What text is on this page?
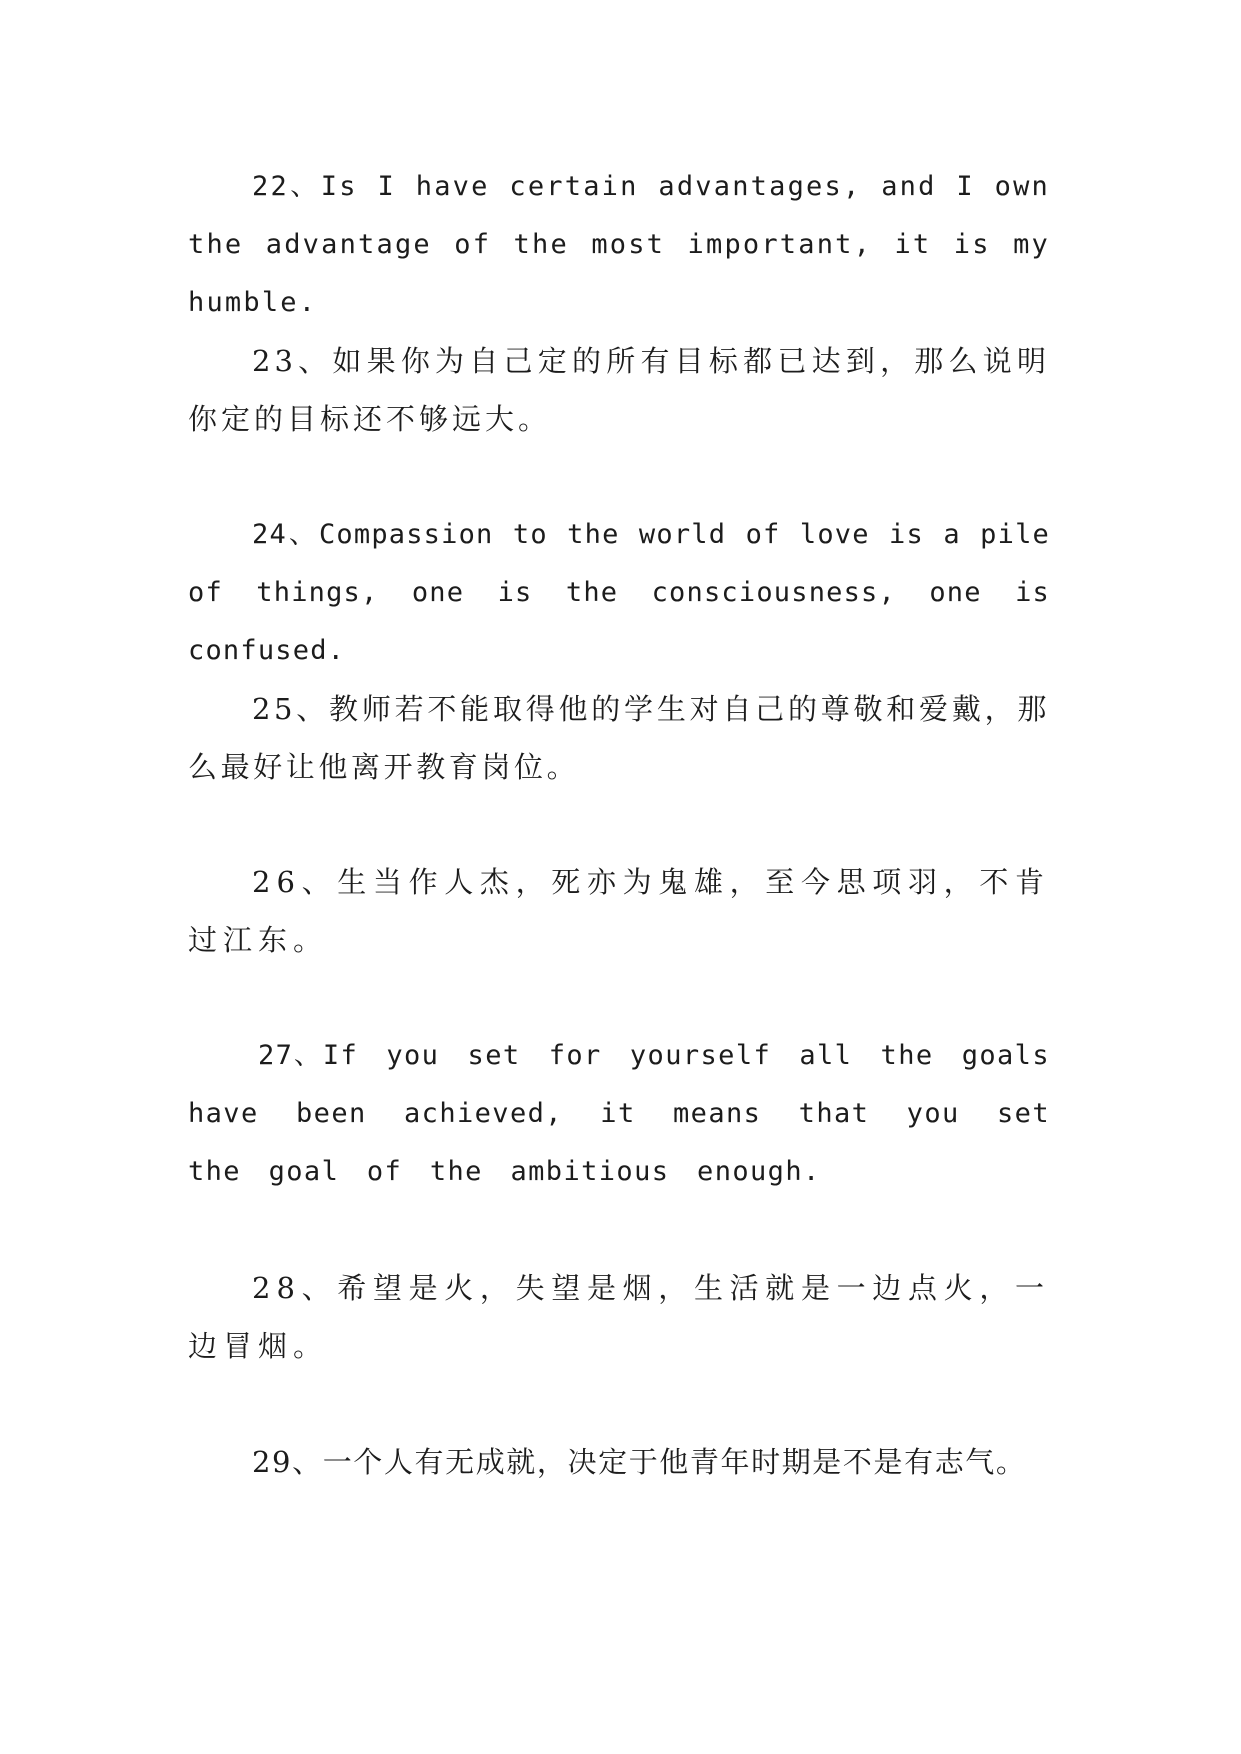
22、Is I have certain advantages, and I own the advantage of the most important, it is my humble.

23、如果你为自己定的所有目标都已达到，那么说明你定的目标还不够远大。

24、Compassion to the world of love is a pile of things, one is the consciousness, one is confused.

25、教师若不能取得他的学生对自己的尊敬和爱戴，那么最好让他离开教育岗位。

26、生当作人杰，死亦为鬼雄，至今思项羽，不肯过江东。

27、If you set for yourself all the goals have been achieved, it means that you set the goal of the ambitious enough.

28、希望是火，失望是烟，生活就是一边点火，一边冒烟。

29、一个人有无成就，决定于他青年时期是不是有志气。
